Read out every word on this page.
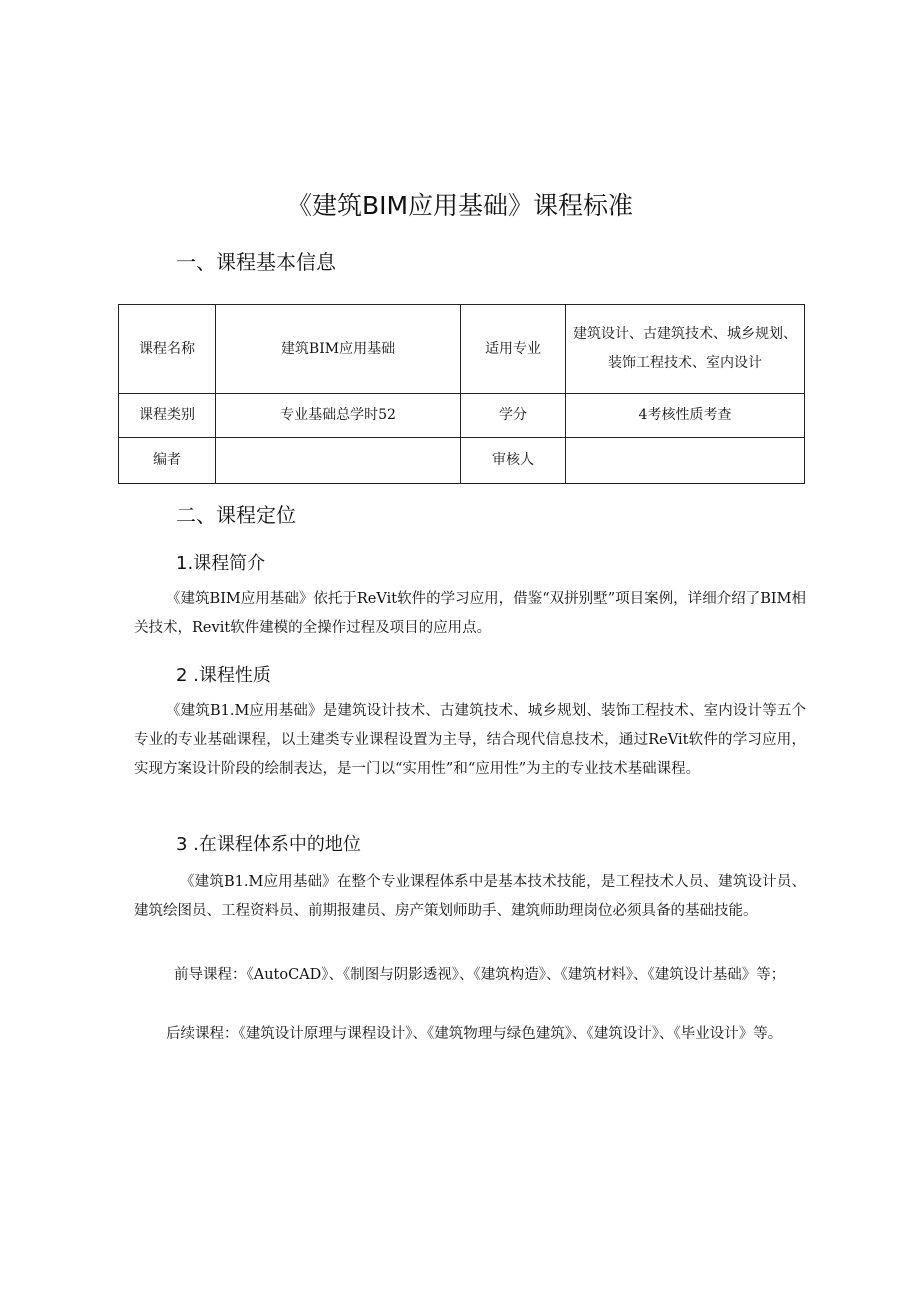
《建筑BIM应用基础》课程标准
一、课程基本信息
课程名称	建筑BIM应用基础	适用专业	建筑设计、古建筑技术、城乡规划、装饰工程技术、室内设计
课程类别	专业基础总学时52	学分	4考核性质考查
编者		审核人	
二、课程定位
1.课程简介

《建筑BIM应用基础》依托于ReVit软件的学习应用，借鉴“双拼别墅”项目案例，详细介绍了BIM相关技术，Revit软件建模的全操作过程及项目的应用点。

2 .课程性质

《建筑B1.M应用基础》是建筑设计技术、古建筑技术、城乡规划、装饰工程技术、室内设计等五个专业的专业基础课程，以土建类专业课程设置为主导，结合现代信息技术，通过ReVit软件的学习应用，实现方案设计阶段的绘制表达，是一门以“实用性”和“应用性”为主的专业技术基础课程。

3 .在课程体系中的地位

《建筑B1.M应用基础》在整个专业课程体系中是基本技术技能，是工程技术人员、建筑设计员、建筑绘图员、工程资料员、前期报建员、房产策划师助手、建筑师助理岗位必须具备的基础技能。

前导课程：《AutoCAD》、《制图与阴影透视》、《建筑构造》、《建筑材料》、《建筑设计基础》等；

后续课程：《建筑设计原理与课程设计》、《建筑物理与绿色建筑》、《建筑设计》、《毕业设计》等。
